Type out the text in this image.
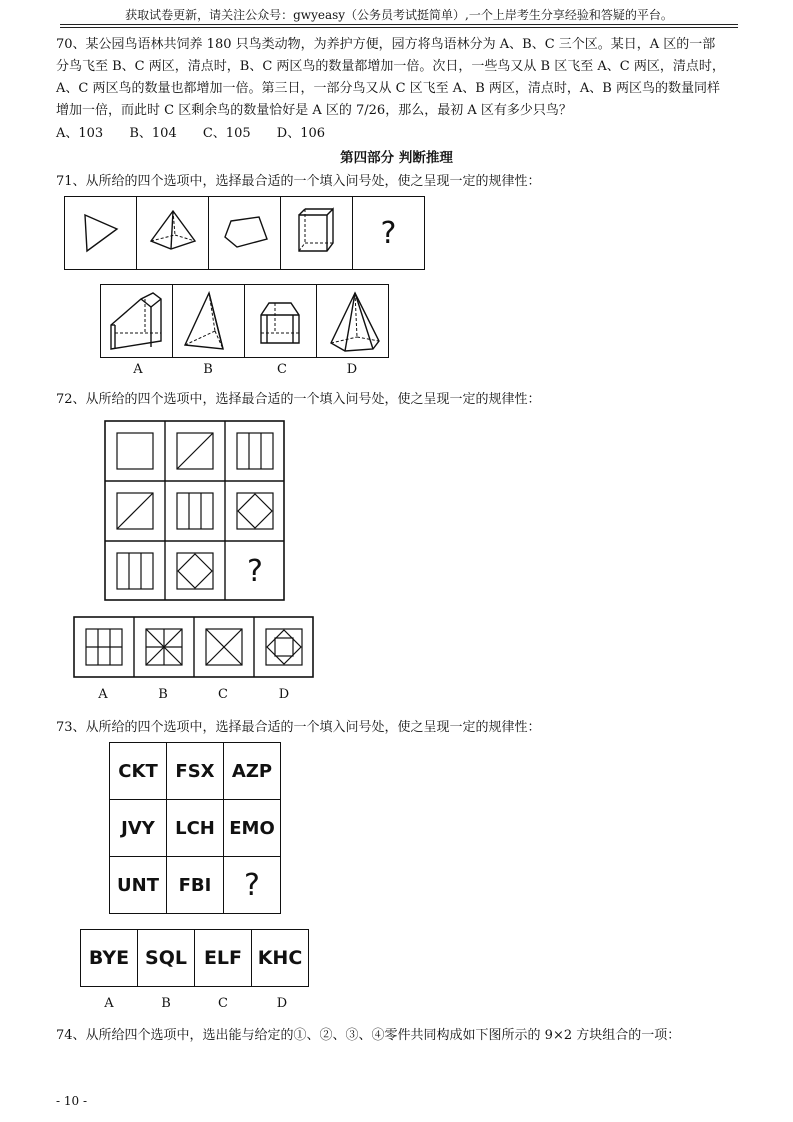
获取试卷更新，请关注公众号：gwyeasy（公务员考试挺简单）,一个上岸考生分享经验和答疑的平台。
70、某公园鸟语林共饲养 180 只鸟类动物，为养护方便，园方将鸟语林分为 A、B、C 三个区。某日，A 区的一部
分鸟飞至 B、C 两区，清点时，B、C 两区鸟的数量都增加一倍。次日，一些鸟又从 B 区飞至 A、C 两区，清点时，
A、C 两区鸟的数量也都增加一倍。第三日，一部分鸟又从 C 区飞至 A、B 两区，清点时，A、B 两区鸟的数量同样
增加一倍，而此时 C 区剩余鸟的数量恰好是 A 区的 7/26，那么，最初 A 区有多少只鸟？
A、103 B、104 C、105 D、106
第四部分 判断推理
71、从所给的四个选项中，选择最合适的一个填入问号处，使之呈现一定的规律性：
?
A	B	C	D
72、从所给的四个选项中，选择最合适的一个填入问号处，使之呈现一定的规律性：
?
A	B	C	D
73、从所给的四个选项中，选择最合适的一个填入问号处，使之呈现一定的规律性：
CKT FSX AZP
JVY	LCH EMO
UNT	FBI	?
BYE SQL ELF KHC
A	B	C	D
74、从所给四个选项中，选出能与给定的①、②、③、④零件共同构成如下图所示的 9×2 方块组合的一项：
- 10 -
